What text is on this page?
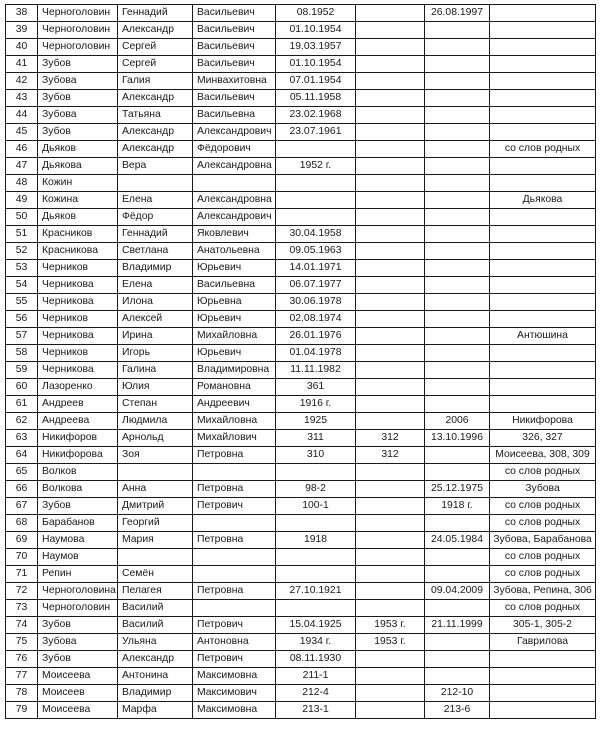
38	Черноголовин	Геннадий	Васильевич	08.1952		26.08.1997	
39	Черноголовин	Александр	Васильевич	01.10.1954			
40	Черноголовин	Сергей	Васильевич	19.03.1957			
41	Зубов	Сергей	Васильевич	01.10.1954			
42	Зубова	Галия	Минвахитовна	07.01.1954			
43	Зубов	Александр	Васильевич	05.11.1958			
44	Зубова	Татьяна	Васильевна	23.02.1968			
45	Зубов	Александр	Александрович	23.07.1961			
46	Дьяков	Александр	Фёдорович				со слов родных
47	Дьякова	Вера	Александровна	1952 г.			
48	Кожин						
49	Кожина	Елена	Александровна				Дьякова
50	Дьяков	Фёдор	Александрович				
51	Красников	Геннадий	Яковлевич	30.04.1958			
52	Красникова	Светлана	Анатольевна	09.05.1963			
53	Черников	Владимир	Юрьевич	14.01.1971			
54	Черникова	Елена	Васильевна	06.07.1977			
55	Черникова	Илона	Юрьевна	30.06.1978			
56	Черников	Алексей	Юрьевич	02.08.1974			
57	Черникова	Ирина	Михайловна	26.01.1976			Антюшина
58	Черников	Игорь	Юрьевич	01.04.1978			
59	Черникова	Галина	Владимировна	11.11.1982			
60	Лазоренко	Юлия	Романовна	361			
61	Андреев	Степан	Андреевич	1916 г.			
62	Андреева	Людмила	Михайловна	1925		2006	Никифорова
63	Никифоров	Арнольд	Михайлович	311	312	13.10.1996	326, 327
64	Никифорова	Зоя	Петровна	310	312		Моисеева, 308, 309
65	Волков						со слов родных
66	Волкова	Анна	Петровна	98-2		25.12.1975	Зубова
67	Зубов	Дмитрий	Петрович	100-1		1918 г.	со слов родных
68	Барабанов	Георгий					со слов родных
69	Наумова	Мария	Петровна	1918		24.05.1984	Зубова, Барабанова
70	Наумов						со слов родных
71	Репин	Семён					со слов родных
72	Черноголовина	Пелагея	Петровна	27.10.1921		09.04.2009	Зубова, Репина, 306
73	Черноголовин	Василий					со слов родных
74	Зубов	Василий	Петрович	15.04.1925	1953 г.	21.11.1999	305-1, 305-2
75	Зубова	Ульяна	Антоновна	1934 г.	1953 г.		Гаврилова
76	Зубов	Александр	Петрович	08.11.1930			
77	Моисеева	Антонина	Максимовна	211-1			
78	Моисеев	Владимир	Максимович	212-4		212-10	
79	Моисеева	Марфа	Максимовна	213-1		213-6	
